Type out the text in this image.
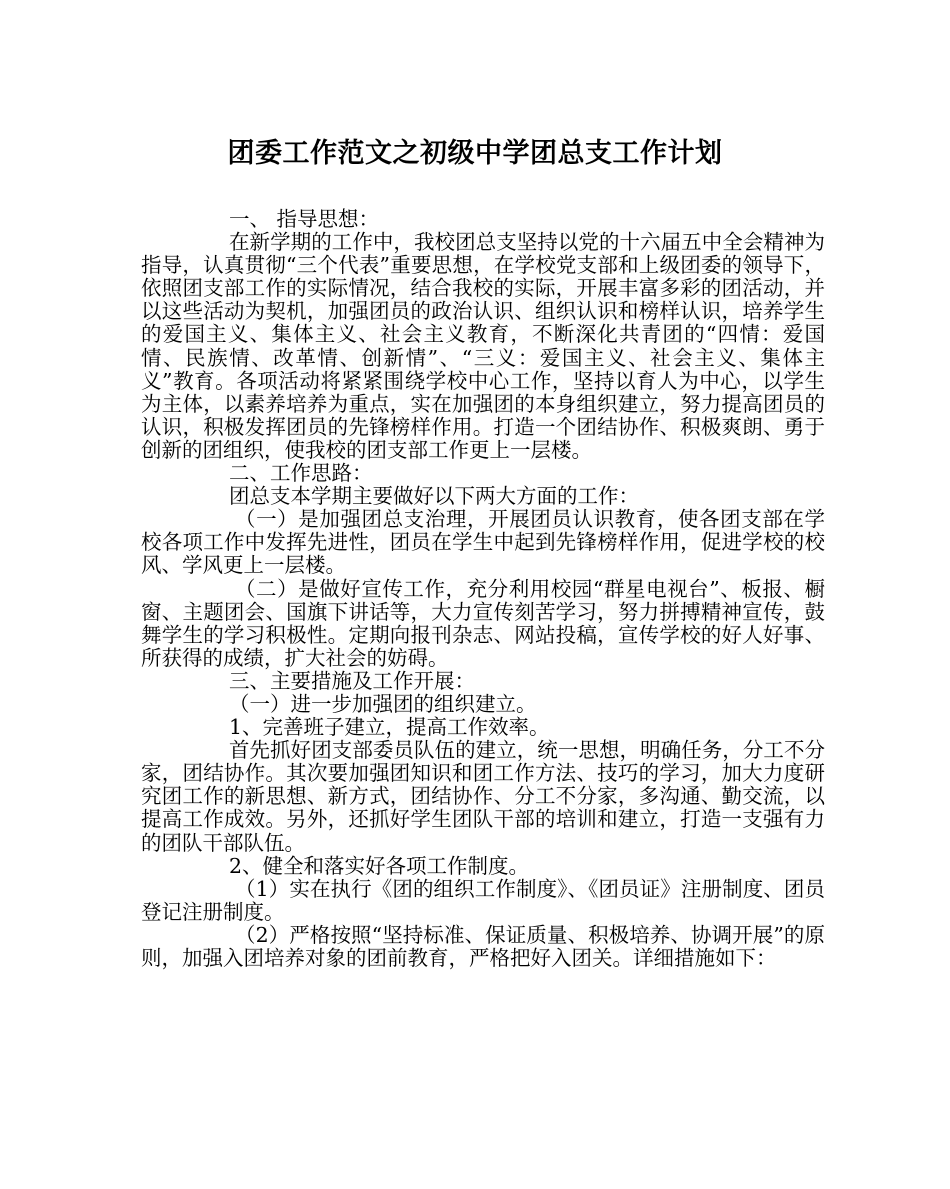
团委工作范文之初级中学团总支工作计划

一、 指导思想：

在新学期的工作中，我校团总支坚持以党的十六届五中全会精神为指导，认真贯彻“三个代表”重要思想，在学校党支部和上级团委的领导下，依照团支部工作的实际情况，结合我校的实际，开展丰富多彩的团活动，并以这些活动为契机，加强团员的政治认识、组织认识和榜样认识，培养学生的爱国主义、集体主义、社会主义教育，不断深化共青团的“四情：爱国情、民族情、改革情、创新情”、“三义：爱国主义、社会主义、集体主义”教育。各项活动将紧紧围绕学校中心工作，坚持以育人为中心，以学生为主体，以素养培养为重点，实在加强团的本身组织建立，努力提高团员的认识，积极发挥团员的先锋榜样作用。打造一个团结协作、积极爽朗、勇于创新的团组织，使我校的团支部工作更上一层楼。

二、工作思路：

团总支本学期主要做好以下两大方面的工作：

（一）是加强团总支治理，开展团员认识教育，使各团支部在学校各项工作中发挥先进性，团员在学生中起到先锋榜样作用，促进学校的校风、学风更上一层楼。

（二）是做好宣传工作，充分利用校园“群星电视台”、板报、橱窗、主题团会、国旗下讲话等，大力宣传刻苦学习，努力拼搏精神宣传，鼓舞学生的学习积极性。定期向报刊杂志、网站投稿，宣传学校的好人好事、所获得的成绩，扩大社会的妨碍。

三、主要措施及工作开展：

（一）进一步加强团的组织建立。

1、完善班子建立，提高工作效率。

首先抓好团支部委员队伍的建立，统一思想，明确任务，分工不分家，团结协作。其次要加强团知识和团工作方法、技巧的学习，加大力度研究团工作的新思想、新方式，团结协作、分工不分家，多沟通、勤交流，以提高工作成效。另外，还抓好学生团队干部的培训和建立，打造一支强有力的团队干部队伍。

2、健全和落实好各项工作制度。

（1）实在执行《团的组织工作制度》、《团员证》注册制度、团员登记注册制度。

（2）严格按照“坚持标准、保证质量、积极培养、协调开展”的原则，加强入团培养对象的团前教育，严格把好入团关。详细措施如下：
